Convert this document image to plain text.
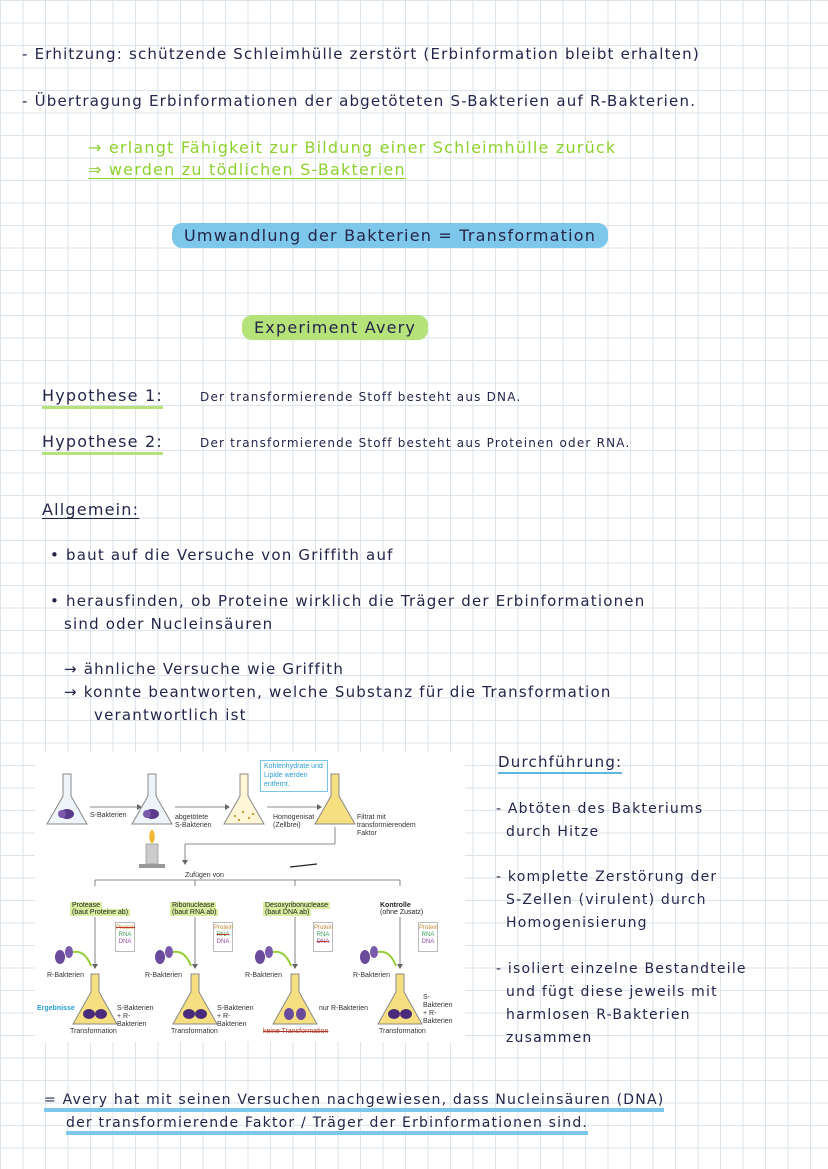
- Erhitzung: schützende Schleimhülle zerstört (Erbinformation bleibt erhalten)
- Übertragung Erbinformationen der abgetöteten S-Bakterien auf R-Bakterien.
→ erlangt Fähigkeit zur Bildung einer Schleimhülle zurück
⇒ werden zu tödlichen S-Bakterien
Umwandlung der Bakterien = Transformation
Experiment Avery
Hypothese 1:	Der transformierende Stoff besteht aus DNA.
Hypothese 2:	Der transformierende Stoff besteht aus Proteinen oder RNA.
Allgemein:
• baut auf die Versuche von Griffith auf
• herausfinden, ob Proteine wirklich die Träger der Erbinformationen
sind oder Nucleinsäuren
→ ähnliche Versuche wie Griffith
→ konnte beantworten, welche Substanz für die Transformation
verantwortlich ist
S-Bakterien	abgetötete
S-Bakterien
Kohlenhydrate und Lipide werden entfernt.
Homogenisat
(Zellbrei)
Filtrat mit transformierendem Faktor
Zufügen von
Protease
(baut Proteine ab)
Ribonuclease
(baut RNA ab)
Desoxyribonuclease
(baut DNA ab)
Kontrolle
(ohne Zusatz)
Protein
RNA
DNA
Protein
RNA
DNA
Protein
RNA
DNA
Protein
RNA
DNA
R-Bakterien	R-Bakterien	R-Bakterien	R-Bakterien
Ergebnisse	S-Bakterien + R-Bakterien
S-Bakterien + R-Bakterien
nur R-Bakterien
S-Bakterien + R-Bakterien
Transformation	Transformation	keine Transformation	Transformation
Durchführung:
- Abtöten des Bakteriums
durch Hitze
- komplette Zerstörung der
S-Zellen (virulent) durch
Homogenisierung
- isoliert einzelne Bestandteile
und fügt diese jeweils mit
harmlosen R-Bakterien
zusammen
= Avery hat mit seinen Versuchen nachgewiesen, dass Nucleinsäuren (DNA)
der transformierende Faktor / Träger der Erbinformationen sind.
